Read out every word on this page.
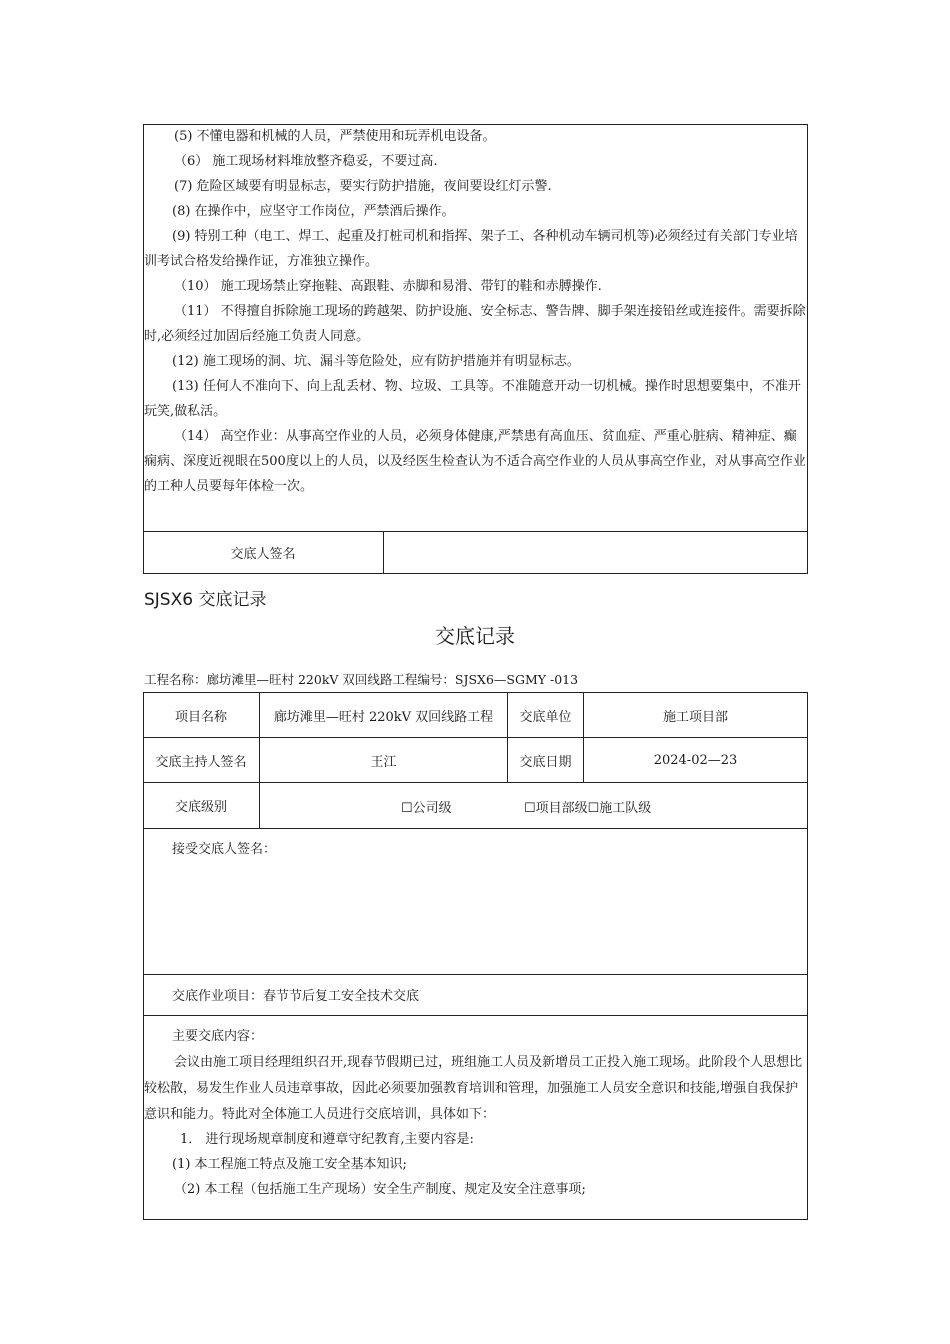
(5) 不懂电器和机械的人员，严禁使用和玩弄机电设备。

（6） 施工现场材料堆放整齐稳妥，不要过高.

(7) 危险区域要有明显标志，要实行防护措施，夜间要设红灯示警.

(8) 在操作中，应坚守工作岗位，严禁酒后操作。

(9) 特别工种（电工、焊工、起重及打桩司机和指挥、架子工、各种机动车辆司机等)必须经过有关部门专业培训考试合格发给操作证，方准独立操作。

（10） 施工现场禁止穿拖鞋、高跟鞋、赤脚和易滑、带钉的鞋和赤膊操作.

（11） 不得擅自拆除施工现场的跨越架、防护设施、安全标志、警告牌、脚手架连接铅丝或连接件。需要拆除时,必须经过加固后经施工负责人同意。

(12) 施工现场的洞、坑、漏斗等危险处，应有防护措施并有明显标志。

(13) 任何人不准向下、向上乱丢材、物、垃圾、工具等。不准随意开动一切机械。操作时思想要集中，不准开玩笑,做私活。

（14） 高空作业：从事高空作业的人员，必须身体健康,严禁患有高血压、贫血症、严重心脏病、精神症、癫痫病、深度近视眼在500度以上的人员，以及经医生检查认为不适合高空作业的人员从事高空作业，对从事高空作业的工种人员要每年体检一次。

交底人签名
SJSX6 交底记录
交底记录
工程名称：廊坊滩里—旺村 220kV 双回线路工程编号：SJSX6—SGMY -013
项目名称	廊坊滩里—旺村 220kV 双回线路工程	交底单位	施工项目部
交底主持人签名	王江	交底日期	2024-02—23
交底级别	☐公司级	☐项目部级☐施工队级
接受交底人签名：
交底作业项目：春节节后复工安全技术交底
主要交底内容：

会议由施工项目经理组织召开,现春节假期已过，班组施工人员及新增员工正投入施工现场。此阶段个人思想比较松散，易发生作业人员违章事故，因此必须要加强教育培训和管理，加强施工人员安全意识和技能,增强自我保护意识和能力。特此对全体施工人员进行交底培训，具体如下：

1． 进行现场规章制度和遵章守纪教育,主要内容是:

(1) 本工程施工特点及施工安全基本知识;

（2) 本工程（包括施工生产现场）安全生产制度、规定及安全注意事项;
